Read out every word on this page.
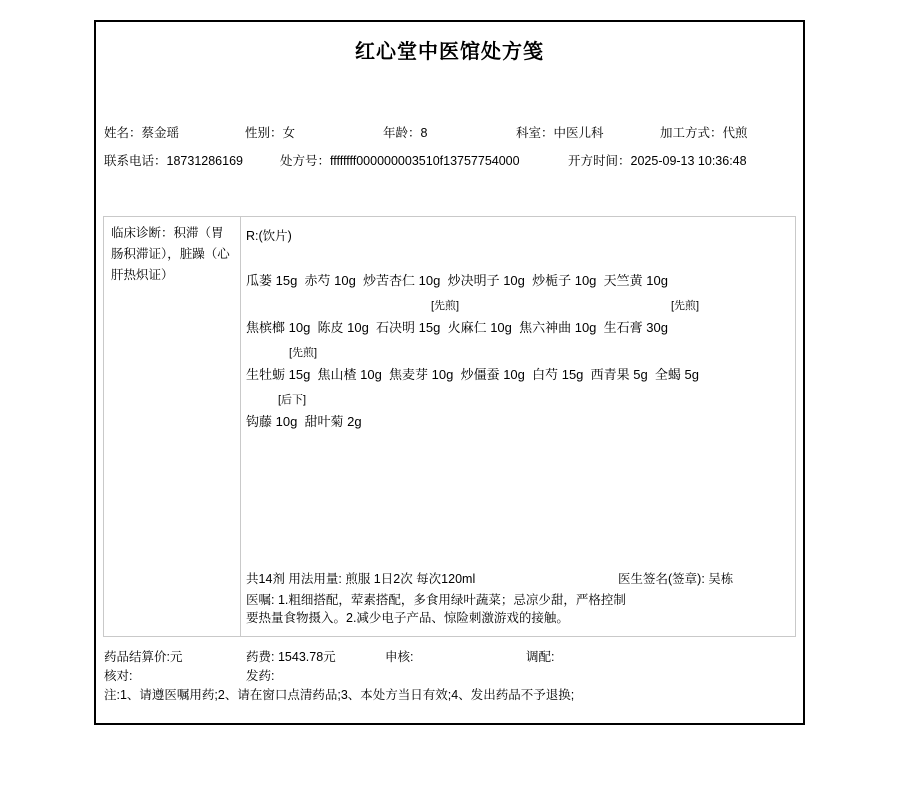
红心堂中医馆处方笺
姓名：蔡金瑶	性别：女	年龄：8	科室：中医儿科	加工方式：代煎
联系电话：18731286169	处方号：ffffffff000000003510f13757754000	开方时间：2025-09-13 10:36:48
临床诊断：积滞（胃肠积滞证），脏躁（心肝热炽证）
R:(饮片)
瓜蒌 15g  赤芍 10g  炒苦杏仁 10g  炒决明子 10g  炒栀子 10g  天竺黄 10g
[先煎]	[先煎]
焦槟榔 10g  陈皮 10g  石决明 15g  火麻仁 10g  焦六神曲 10g  生石膏 30g
[先煎]
生牡蛎 15g  焦山楂 10g  焦麦芽 10g  炒僵蚕 10g  白芍 15g  西青果 5g  全蝎 5g
[后下]
钩藤 10g  甜叶菊 2g
共14剂 用法用量: 煎服 1日2次 每次120ml	医生签名(签章): 吴栋
医嘱: 1.粗细搭配，荤素搭配，多食用绿叶蔬菜；忌凉少甜，严格控制要热量食物摄入。2.减少电子产品、惊险刺激游戏的接触。
药品结算价:元	药费: 1543.78元	申核:	调配:
核对:	发药:
注:1、请遵医嘱用药;2、请在窗口点清药品;3、本处方当日有效;4、发出药品不予退换;
